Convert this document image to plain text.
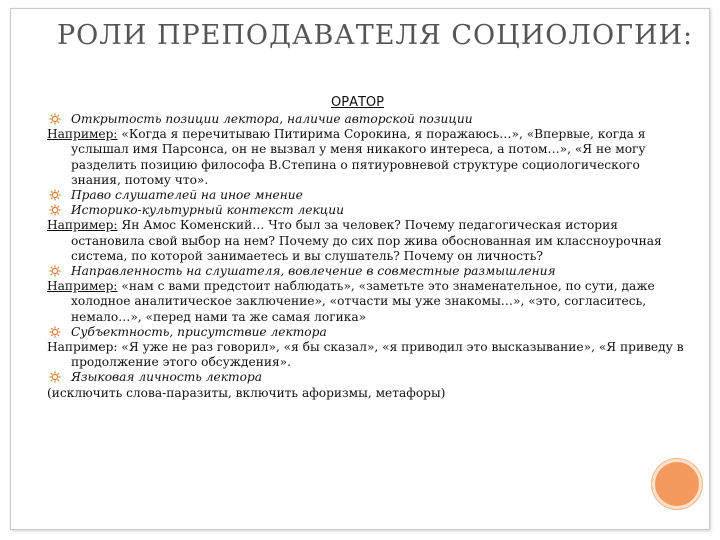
РОЛИ ПРЕПОДАВАТЕЛЯ СОЦИОЛОГИИ:
ОРАТОР
Открытость позиции лектора, наличие авторской позиции
Например: «Когда я перечитываю Питирима Сорокина, я поражаюсь…», «Впервые, когда я услышал имя Парсонса, он не вызвал у меня никакого интереса, а потом…», «Я не могу разделить позицию философа В.Степина о пятиуровневой структуре социологического знания, потому что».
Право слушателей на иное мнение
Историко-культурный контекст лекции
Например: Ян Амос Коменский… Что был за человек? Почему педагогическая история остановила свой выбор на нем? Почему до сих пор жива обоснованная им классноурочная система, по которой занимаетесь и вы слушатель? Почему он личность?
Направленность на слушателя, вовлечение в совместные размышления
Например: «нам с вами предстоит наблюдать», «заметьте это знаменательное, по сути, даже холодное аналитическое заключение», «отчасти мы уже знакомы…», «это, согласитесь, немало…», «перед нами та же самая логика»
Субъектность, присутствие лектора
Например: «Я уже не раз говорил», «я бы сказал», «я приводил это высказывание», «Я приведу в продолжение этого обсуждения».
Языковая личность лектора
(исключить слова-паразиты, включить афоризмы, метафоры)
